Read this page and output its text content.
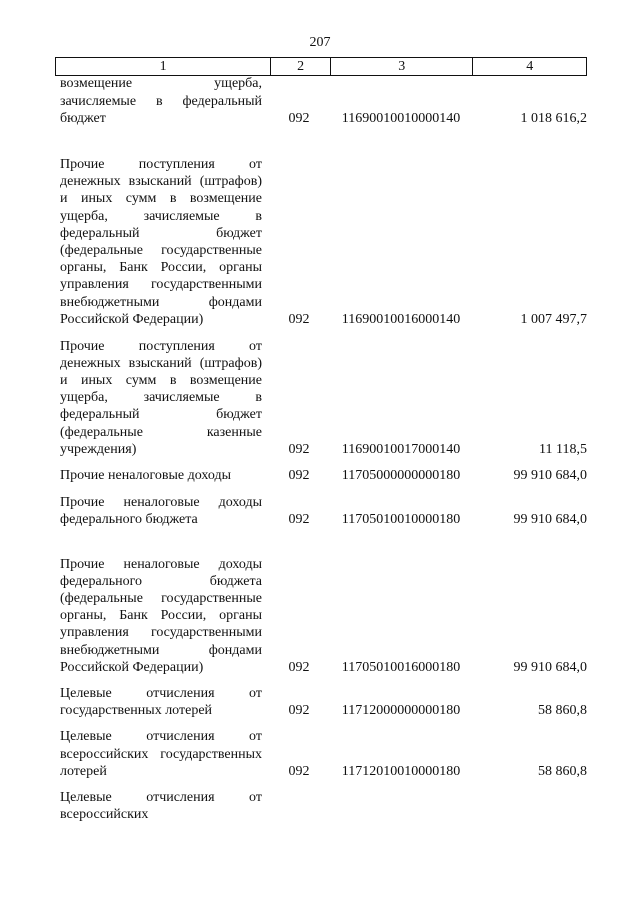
207
1	2	3	4
возмещение ущерба, зачисляемые в федеральный бюджет	092 11690010010000140	1 018 616,2
Прочие поступления от денежных взысканий (штрафов) и иных сумм в возмещение ущерба, зачисляемые в федеральный бюджет (федеральные государственные органы, Банк России, органы управления государственными внебюджетными фондами Российской Федерации)	092 11690010016000140	1 007 497,7
Прочие поступления от денежных взысканий (штрафов) и иных сумм в возмещение ущерба, зачисляемые в федеральный бюджет (федеральные казенные учреждения)	092 11690010017000140	11 118,5
Прочие неналоговые доходы	092 11705000000000180	99 910 684,0
Прочие неналоговые доходы федерального бюджета	092 11705010010000180	99 910 684,0
Прочие неналоговые доходы федерального бюджета (федеральные государственные органы, Банк России, органы управления государственными внебюджетными фондами Российской Федерации)	092 11705010016000180	99 910 684,0
Целевые отчисления от государственных лотерей	092 11712000000000180	58 860,8
Целевые отчисления от всероссийских государственных лотерей	092 11712010010000180	58 860,8
Целевые отчисления от всероссийских
